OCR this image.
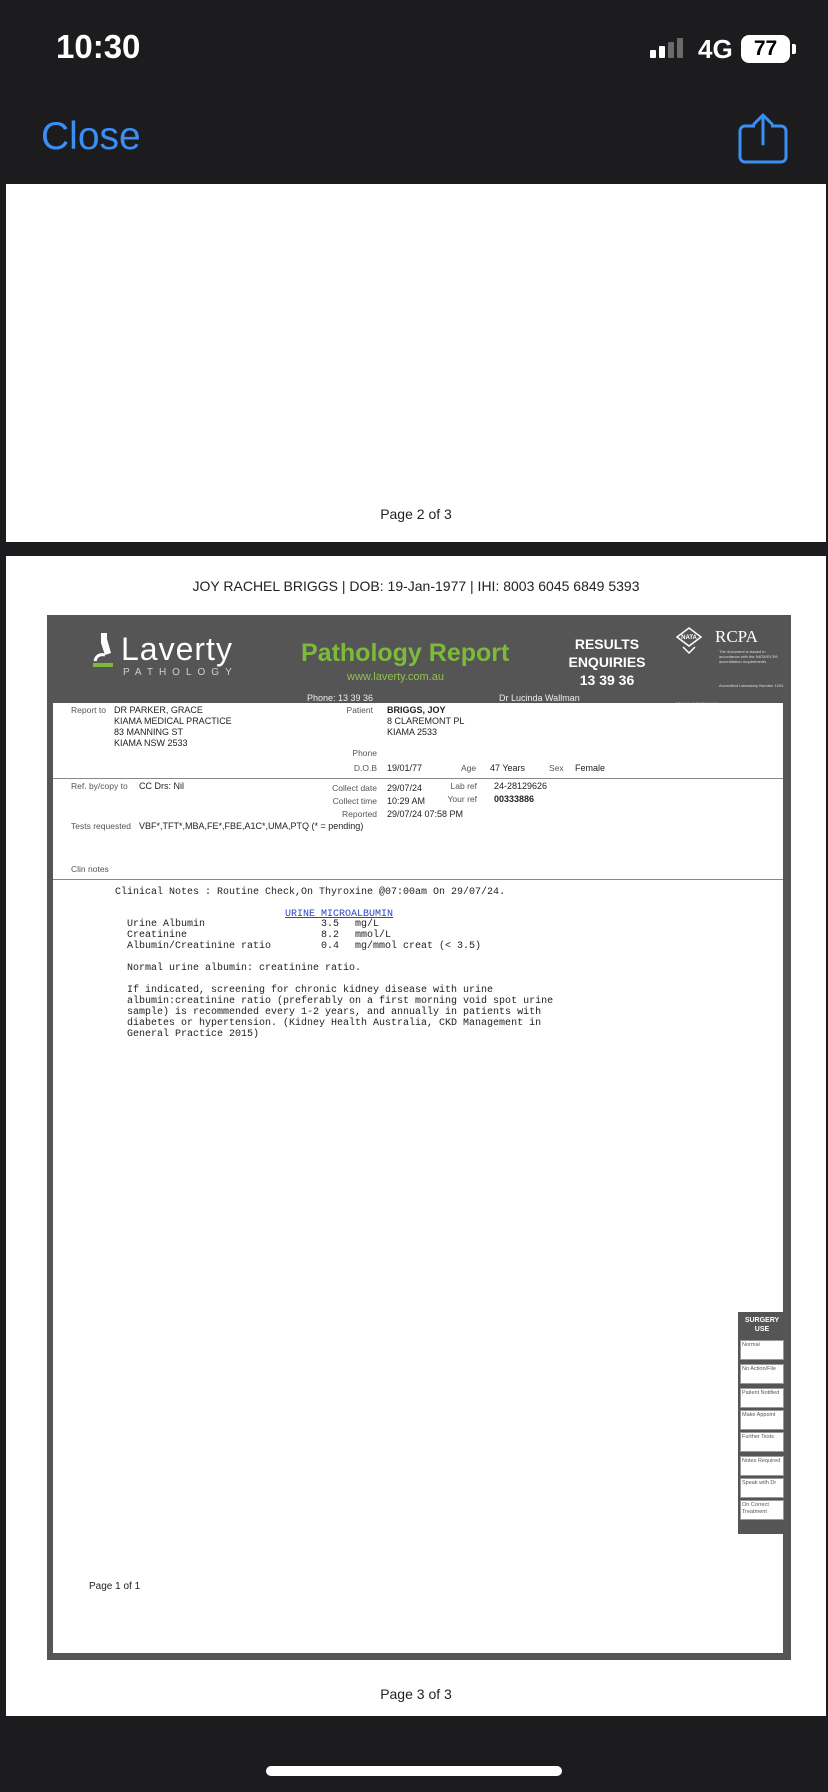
10:30	4G	77
Close
Page 2 of 3
JOY RACHEL BRIGGS | DOB: 19-Jan-1977 | IHI: 8003 6045 6849 5393
Laverty
PATHOLOGY
Pathology Report
www.laverty.com.au
RESULTS
ENQUIRIES
13 39 36
NATA RCPA
The document is issued in accordance with the NATA/RCPA accreditation requirements
Accredited Laboratory Number 1204
Phone: 13 39 36	Dr Lucinda Wallman
Report to DR PARKER, GRACE
KIAMA MEDICAL PRACTICE
83 MANNING ST
KIAMA NSW 2533
Patient BRIGGS, JOY
8 CLAREMONT PL
KIAMA 2533
Phone
D.O.B 19/01/77	Age 47 Years	Sex Female
Ref. by/copy to CC Drs: Nil	Collect date 29/07/24
Collect time 10:29 AM
Reported 29/07/24 07:58 PM
Lab ref 24-28129626
Your ref 00333886
Tests requested VBF*,TFT*,MBA,FE*,FBE,A1C*,UMA,PTQ (* = pending)
Clin notes
Clinical Notes : Routine Check,On Thyroxine @07:00am On 29/07/24.
URINE MICROALBUMIN
Urine Albumin	3.5 mg/L
Creatinine	8.2 mmol/L
Albumin/Creatinine ratio	0.4 mg/mmol creat (< 3.5)
Normal urine albumin: creatinine ratio.
If indicated, screening for chronic kidney disease with urine
albumin:creatinine ratio (preferably on a first morning void spot urine
sample) is recommended every 1-2 years, and annually in patients with
diabetes or hypertension. (Kidney Health Australia, CKD Management in
General Practice 2015)
Page 1 of 1
SURGERY USE
Normal
No Action/File
Patient Notified
Make Appoint
Further Tests
Notes Required
Speak with Dr
On Correct Treatment
Page 3 of 3
